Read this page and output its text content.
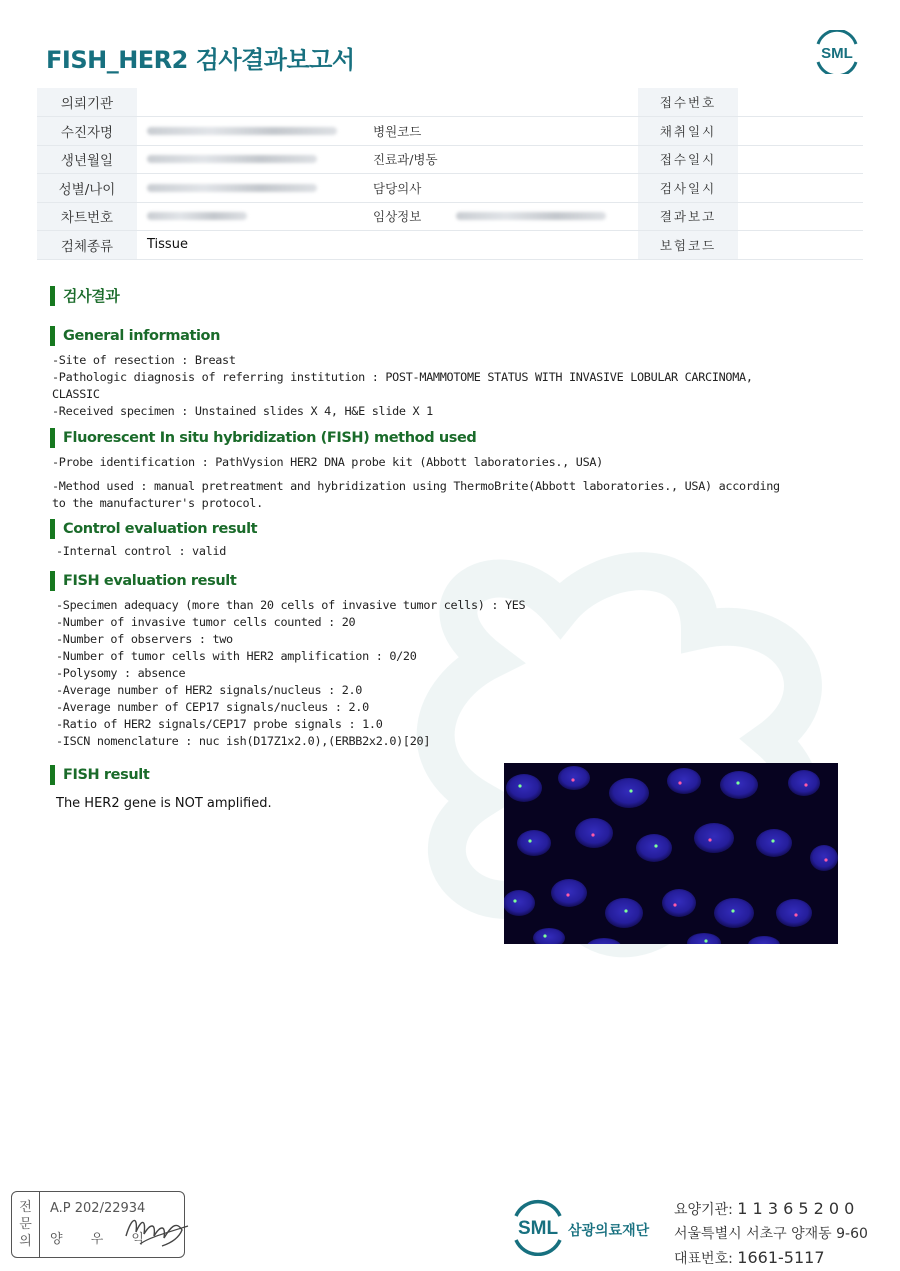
FISH_HER2 검사결과보고서	SML
의뢰기관				접수번호	
수진자명		병원코드		채취일시	
생년월일		진료과/병동		접수일시	
성별/나이		담당의사		검사일시	
차트번호		임상정보		결과보고	
검체종류	Tissue			보험코드	
검사결과
General information
-Site of resection : Breast
-Pathologic diagnosis of referring institution : POST-MAMMOTOME STATUS WITH INVASIVE LOBULAR CARCINOMA,
CLASSIC
-Received specimen : Unstained slides X 4, H&E slide X 1
Fluorescent In situ hybridization (FISH) method used
-Probe identification : PathVysion HER2 DNA probe kit (Abbott laboratories., USA)
-Method used : manual pretreatment and hybridization using ThermoBrite(Abbott laboratories., USA) according
to the manufacturer's protocol.
Control evaluation result
-Internal control : valid
FISH evaluation result
-Specimen adequacy (more than 20 cells of invasive tumor cells) : YES
-Number of invasive tumor cells counted : 20
-Number of observers : two
-Number of tumor cells with HER2 amplification : 0/20
-Polysomy : absence
-Average number of HER2 signals/nucleus : 2.0
-Average number of CEP17 signals/nucleus : 2.0
-Ratio of HER2 signals/CEP17 probe signals : 1.0
-ISCN nomenclature : nuc ish(D17Z1x2.0),(ERBB2x2.0)[20]
FISH result
The HER2 gene is NOT amplified.
전
문
의
A.P 202/22934
양 우 익
SML 삼광의료재단
요양기관: 1 1 3 6 5 2 0 0
서울특별시 서초구 양재동 9-60
대표번호: 1661-5117
